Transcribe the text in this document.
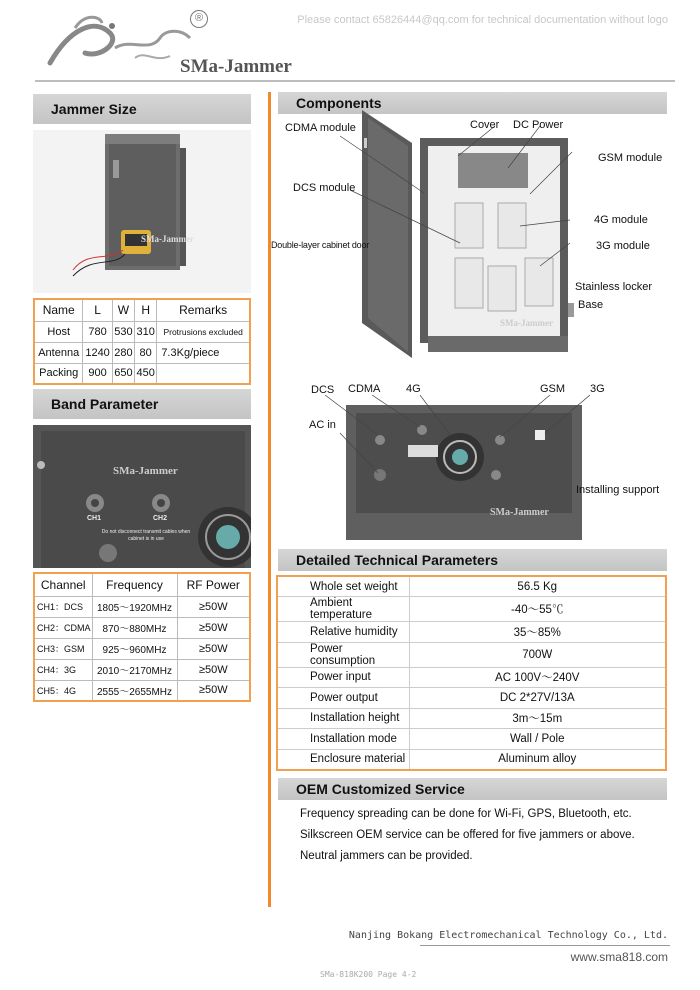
®
SMa-Jammer
Please contact 65826444@qq.com for technical documentation without logo
Jammer Size
SMa-Jammer
Name	L	W	H	Remarks
Host	780	530	310	Protrusions excluded
Antenna	1240	280	80	7.3Kg/piece
Packing	900	650	450	
Band Parameter
SMa-Jammer
CH1	CH2
Do not disconnect transmit cables when cabinet is in use
Channel	Frequency	RF Power
CH1：DCS	1805～1920MHz	≥50W
CH2：CDMA	870～880MHz	≥50W
CH3：GSM	925～960MHz	≥50W
CH4：3G	2010～2170MHz	≥50W
CH5：4G	2555～2655MHz	≥50W
Components
CDMA module	Cover DC Power
GSM module
DCS module
4G module
Double-layer cabinet door	3G module
Stainless locker
Base
SMa-Jammer
DCS CDMA 4G	GSM 3G
AC in
Installing support
SMa-Jammer
Detailed Technical Parameters
Whole set weight	56.5 Kg
Ambient temperature	-40～55℃
Relative humidity	35～85%
Power consumption	700W
Power input	AC 100V～240V
Power output	DC 2*27V/13A
Installation height	3m～15m
Installation mode	Wall / Pole
Enclosure material	Aluminum alloy
OEM Customized Service
Frequency spreading can be done for Wi-Fi, GPS, Bluetooth, etc.
Silkscreen OEM service can be offered for five jammers or above.
Neutral jammers can be provided.
Nanjing Bokang Electromechanical Technology Co., Ltd.
www.sma818.com
SMa-818K200 Page 4-2
